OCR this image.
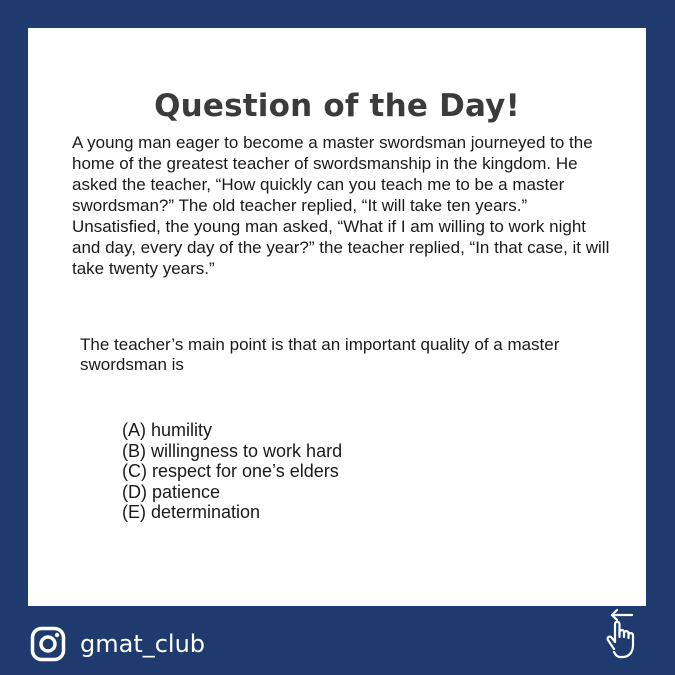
Question of the Day!

A young man eager to become a master swordsman journeyed to the home of the greatest teacher of swordsmanship in the kingdom. He asked the teacher, “How quickly can you teach me to be a master swordsman?” The old teacher replied, “It will take ten years.” Unsatisfied, the young man asked, “What if I am willing to work night and day, every day of the year?” the teacher replied, “In that case, it will take twenty years.”

The teacher’s main point is that an important quality of a master swordsman is

(A) humility
(B) willingness to work hard
(C) respect for one’s elders
(D) patience
(E) determination
gmat_club
